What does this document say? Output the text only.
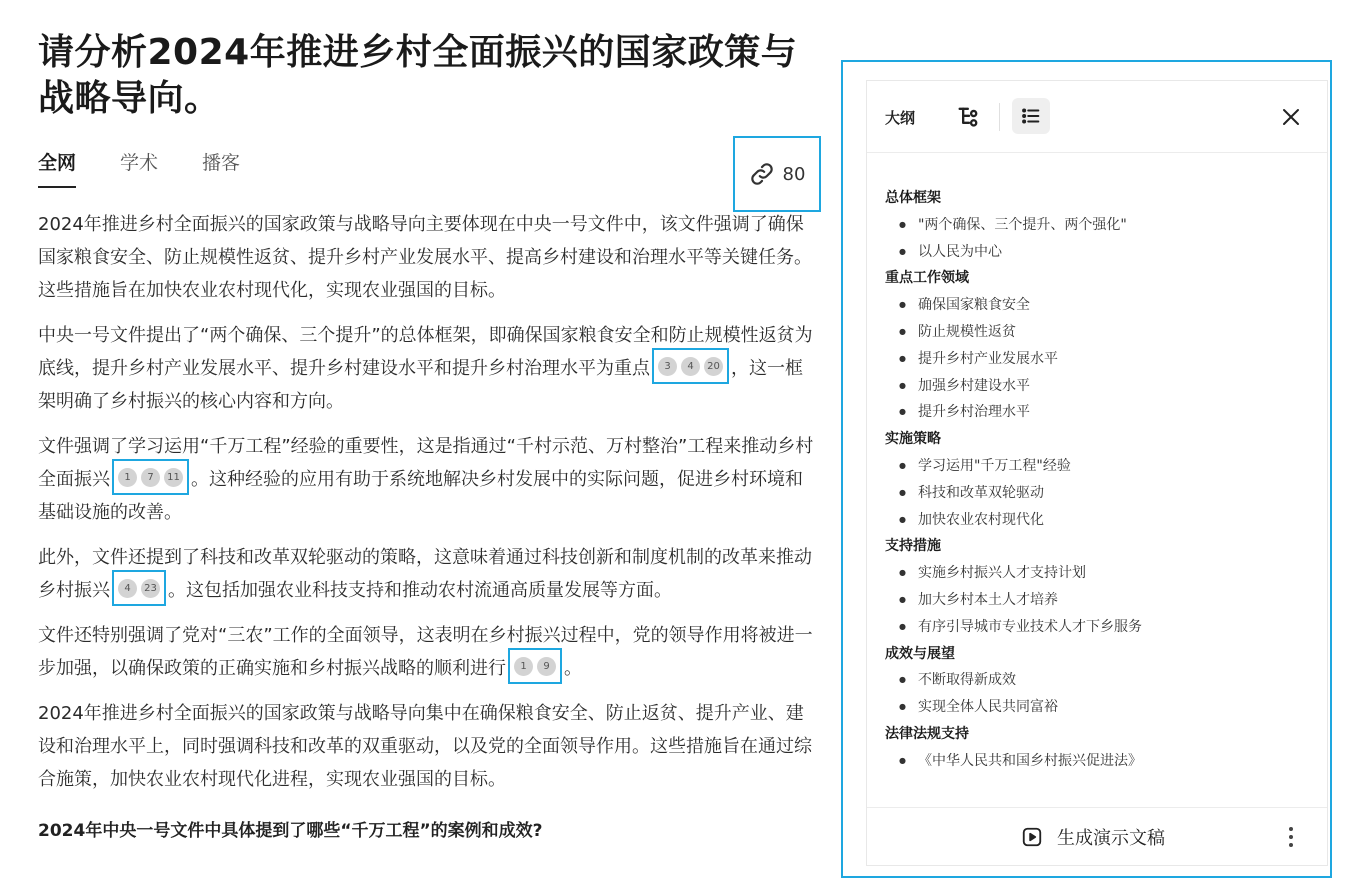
请分析2024年推进乡村全面振兴的国家政策与战略导向。
全网 学术 播客	80

2024年推进乡村全面振兴的国家政策与战略导向主要体现在中央一号文件中，该文件强调了确保国家粮食安全、防止规模性返贫、提升乡村产业发展水平、提高乡村建设和治理水平等关键任务。这些措施旨在加快农业农村现代化，实现农业强国的目标。

中央一号文件提出了“两个确保、三个提升”的总体框架，即确保国家粮食安全和防止规模性返贫为底线，提升乡村产业发展水平、提升乡村建设水平和提升乡村治理水平为重点	3	4	20 ，这一框架明确了乡村振兴的核心内容和方向。

文件强调了学习运用“千万工程”经验的重要性，这是指通过“千村示范、万村整治”工程来推动乡村全面振兴	1	7	11 。这种经验的应用有助于系统地解决乡村发展中的实际问题，促进乡村环境和基础设施的改善。

此外，文件还提到了科技和改革双轮驱动的策略，这意味着通过科技创新和制度机制的改革来推动乡村振兴	4	23 。这包括加强农业科技支持和推动农村流通高质量发展等方面。

文件还特别强调了党对“三农”工作的全面领导，这表明在乡村振兴过程中，党的领导作用将被进一步加强，以确保政策的正确实施和乡村振兴战略的顺利进行	1	9 。

2024年推进乡村全面振兴的国家政策与战略导向集中在确保粮食安全、防止返贫、提升产业、建设和治理水平上，同时强调科技和改革的双重驱动，以及党的全面领导作用。这些措施旨在通过综合施策，加快农业农村现代化进程，实现农业强国的目标。

2024年中央一号文件中具体提到了哪些“千万工程”的案例和成效?
大纲
总体框架
● "两个确保、三个提升、两个强化"
● 以人民为中心
重点工作领域
● 确保国家粮食安全
● 防止规模性返贫
● 提升乡村产业发展水平
● 加强乡村建设水平
● 提升乡村治理水平
实施策略
● 学习运用"千万工程"经验
● 科技和改革双轮驱动
● 加快农业农村现代化
支持措施
● 实施乡村振兴人才支持计划
● 加大乡村本土人才培养
● 有序引导城市专业技术人才下乡服务
成效与展望
● 不断取得新成效
● 实现全体人民共同富裕
法律法规支持
● 《中华人民共和国乡村振兴促进法》
生成演示文稿
